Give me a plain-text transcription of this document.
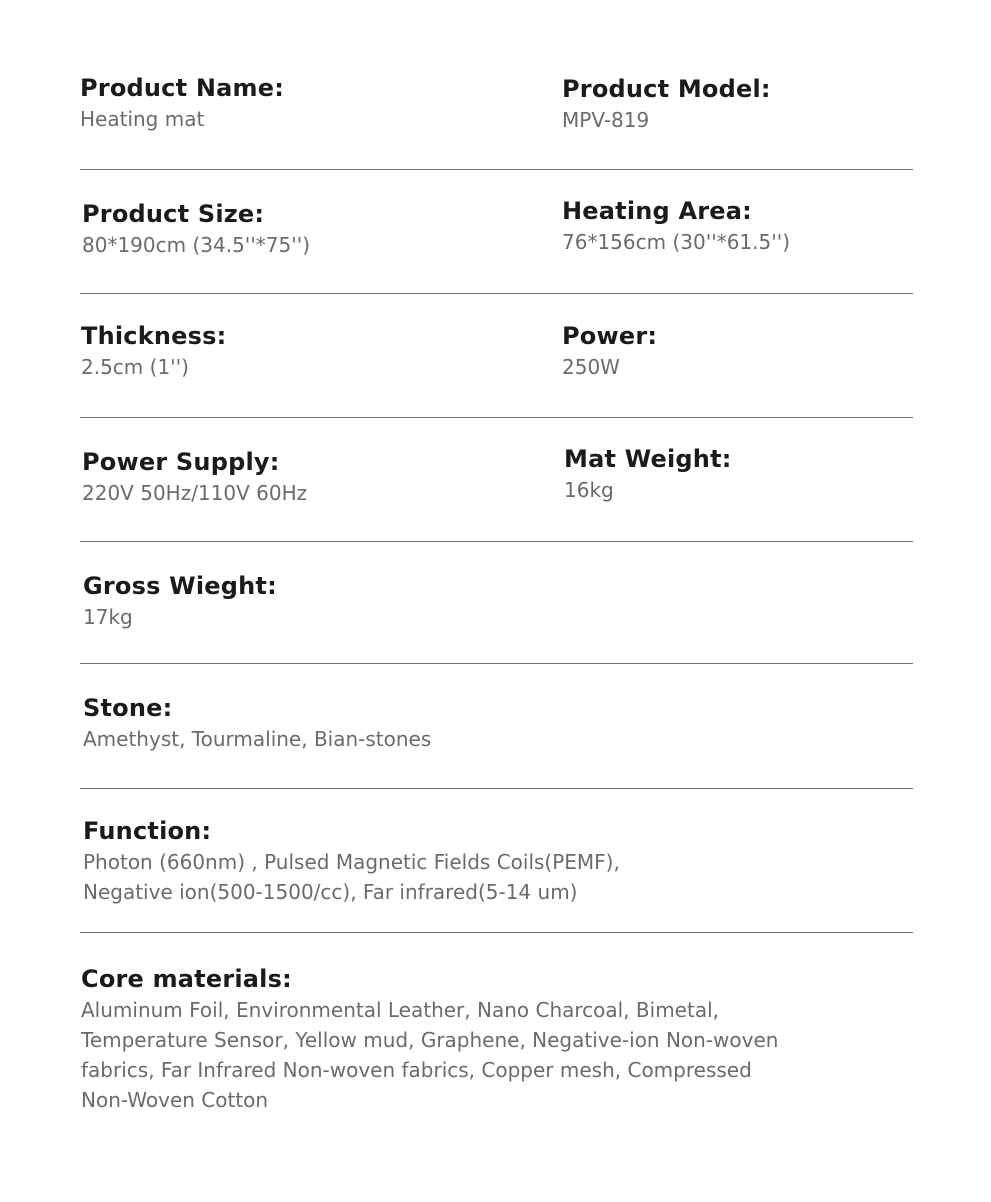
Product Name:
Heating mat
Product Model:
MPV-819
Product Size:
80*190cm (34.5''*75'')
Heating Area:
76*156cm (30''*61.5'')
Thickness:
2.5cm (1'')
Power:
250W
Power Supply:
220V 50Hz/110V 60Hz
Mat Weight:
16kg
Gross Wieght:
17kg
Stone:
Amethyst, Tourmaline, Bian-stones
Function:
Photon (660nm) , Pulsed Magnetic Fields Coils(PEMF),
Negative ion(500-1500/cc), Far infrared(5-14 um)
Core materials:
Aluminum Foil, Environmental Leather, Nano Charcoal, Bimetal,
Temperature Sensor, Yellow mud, Graphene, Negative-ion Non-woven
fabrics, Far Infrared Non-woven fabrics, Copper mesh, Compressed
Non-Woven Cotton
